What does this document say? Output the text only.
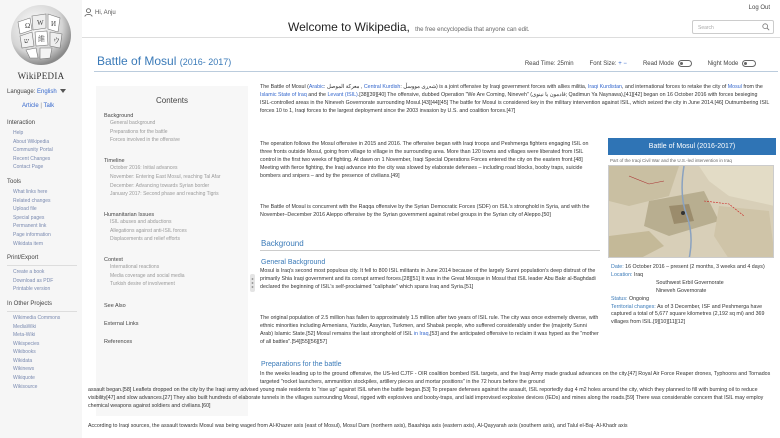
Ω W И
ש 維 ウ
WikiPEDIA
Language: English
Article | Talk
Interaction
Help
About Wikipedia
Community Portal
Recent Changes
Contact Page
Tools
What links here
Related changes
Upload file
Special pages
Permanent link
Page information
Wikidata item
Print/Export
Create a book
Download as PDF
Printable version
In Other Projects
Wikimedia Commons
MediaWiki
Meta-Wiki
Wikispecies
Wikibooks
Wikidata
Wikinews
Wikiquote
Wikisource
Hi, Anju
Log Out
Welcome to Wikipedia, the free encyclopedia that anyone can edit.	Search
Battle of Mosul (2016- 2017)	Read Time: 25min	Font Size: + −	Read Mode	Night Mode
Contents
Background
General background
Preparations for the battle
Forces involved in the offensive
Timeline
October 2016: Initial advances
November: Entering East Mosul, reaching Tal Afar
December: Advancing towards Syrian border
January 2017: Second phase and reaching Tigris
Humanitarian Issues
ISIL abuses and abductions
Allegations against anti-ISIL forces
Displacements and relief efforts
Context
International reactions
Media coverage and social media
Turkish desire of involvement
See Also
External Links
References
The Battle of Mosul (Arabic: معركة الموصل , Central Kurdish: شەڕی مووسڵ) is a joint offensive by Iraqi government forces with allies militia, Iraqi Kurdistan, and international forces to retake the city of Mosul from the Islamic State of Iraq and the Levant (ISIL).[38][39][40] The offensive, dubbed Operation "We Are Coming, Nineveh" (قادمون يا نينوى; Qadimun Ya Naynawa),[41][42] began on 16 October 2016 with forces besieging ISIL-controlled areas in the Nineveh Governorate surrounding Mosul.[43][44][45] The battle for Mosul is considered key in the military intervention against ISIL, which seized the city in June 2014.[46] Outnumbering ISIL forces 10 to 1, Iraqi forces to the largest deployment since the 2003 invasion by U.S. and coalition forces.[47]
The operation follows the Mosul offensive in 2015 and 2016. The offensive began with Iraqi troops and Peshmerga fighters engaging ISIL on three fronts outside Mosul, going from village to village in the surrounding area. More than 120 towns and villages were liberated from ISIL control in the first two weeks of fighting. At dawn on 1 November, Iraqi Special Operations Forces entered the city on the eastern front.[48] Meeting with fierce fighting, the Iraqi advance into the city was slowed by elaborate defenses – including road blocks, booby traps, suicide bombers and snipers – and by the presence of civilians.[49]
The Battle of Mosul is concurrent with the Raqqa offensive by the Syrian Democratic Forces (SDF) on ISIL's stronghold in Syria, and with the November–December 2016 Aleppo offensive by the Syrian government against rebel groups in the Syrian city of Aleppo.[50]
Background
General Background
Mosul is Iraq's second most populous city. It fell to 800 ISIL militants in June 2014 because of the largely Sunni population's deep distrust of the primarily Shia Iraqi government and its corrupt armed forces.[28][51] It was in the Great Mosque in Mosul that ISIL leader Abu Bakr al-Baghdadi declared the beginning of ISIL's self-proclaimed "caliphate" which spans Iraq and Syria.[51]
The original population of 2.5 million has fallen to approximately 1.5 million after two years of ISIL rule. The city was once extremely diverse, with ethnic minorities including Armenians, Yazidis, Assyrian, Turkmen, and Shabak people, who suffered considerably under the (majority Sunni Arab) Islamic State.[52] Mosul remains the last stronghold of ISIL in Iraq,[53] and the anticipated offensive to reclaim it was hyped as the "mother of all battles".[54][55][56][57]
Preparations for the battle
In the weeks leading up to the ground offensive, the US-led CJTF - OIR coalition bombed ISIL targets, and the Iraqi Army made gradual advances on the city.[47] Royal Air Force Reaper drones, Typhoons and Tornados targeted "rocket launchers, ammunition stockpiles, artillery pieces and mortar positions" in the 72 hours before the ground
assault began.[58] Leaflets dropped on the city by the Iraqi army advised young male residents to "rise up" against ISIL when the battle began.[53] To prepare defenses against the assault, ISIL reportedly dug 4 m2 holes around the city, which they planned to fill with burning oil to reduce visibility[47] and slow advances.[27] They also built hundreds of elaborate tunnels in the villages surrounding Mosul, rigged with explosives and booby-traps, and laid improvised explosive devices (IEDs) and mines along the roads.[59] There was considerable concern that ISIL may employ chemical weapons against soldiers and civilians.[60]
According to Iraqi sources, the assault towards Mosul was being waged from Al-Khazer axis (east of Mosul), Mosul Dam (northern axis), Baashiqa axis (eastern axis), Al-Qayyarah axis (southern axis), and Talul el-Baj- Al-Khadr axis
Battle of Mosul (2016-2017)
Part of the Iraqi Civil War and the U.S.-led intervention in Iraq
Date: 16 October 2016 – present (2 months, 3 weeks and 4 days)
Location: Iraq
Southwest Erbil Governorate
Nineveh Governorate
Status: Ongoing
Territorial changes: As of 3 December, ISF and Peshmerga have captured a total of 5,677 square kilometres (2,192 sq mi) and 369 villages from ISIL.[9][10][11][12]
